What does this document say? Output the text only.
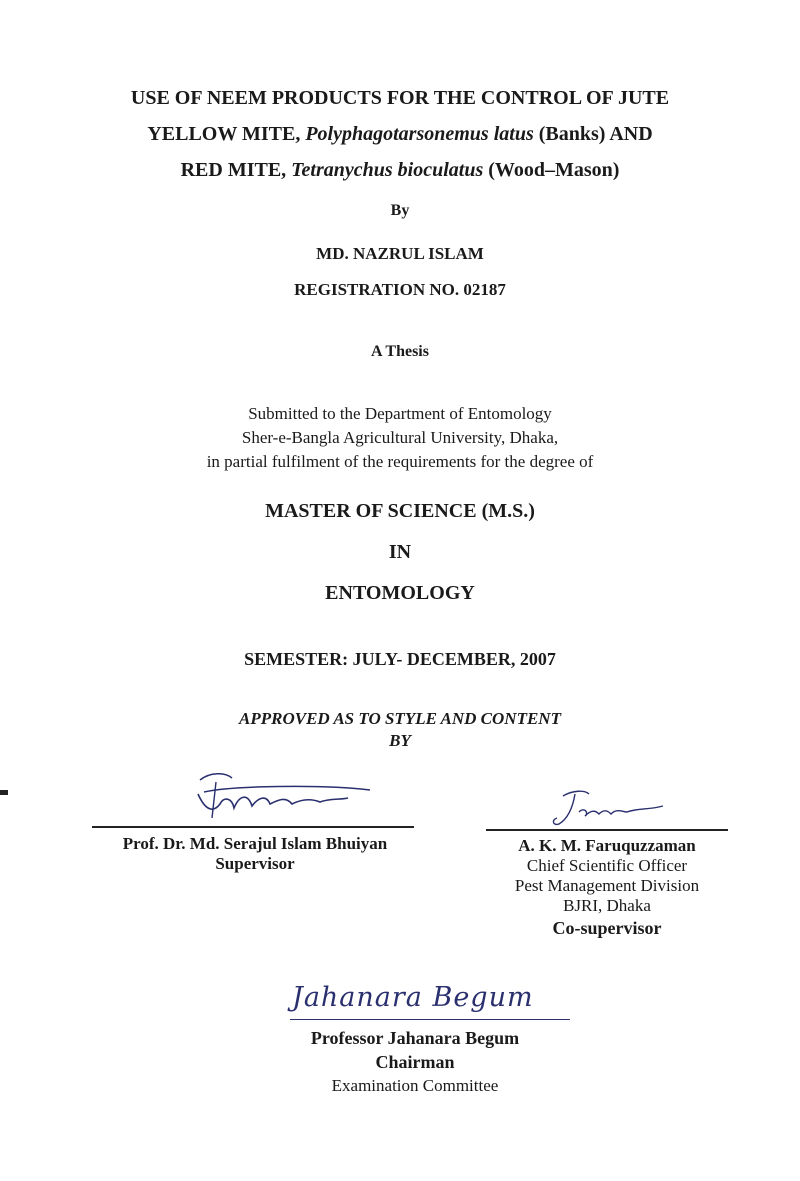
USE OF NEEM PRODUCTS FOR THE CONTROL OF JUTE
YELLOW MITE, Polyphagotarsonemus latus (Banks) AND
RED MITE, Tetranychus bioculatus (Wood–Mason)
By
MD. NAZRUL ISLAM
REGISTRATION NO. 02187
A Thesis
Submitted to the Department of Entomology
Sher-e-Bangla Agricultural University, Dhaka,
in partial fulfilment of the requirements for the degree of
MASTER OF SCIENCE (M.S.)
IN
ENTOMOLOGY
SEMESTER: JULY- DECEMBER, 2007
APPROVED AS TO STYLE AND CONTENT
BY
Prof. Dr. Md. Serajul Islam Bhuiyan
Supervisor
A. K. M. Faruquzzaman
Chief Scientific Officer
Pest Management Division
BJRI, Dhaka
Co-supervisor
Jahanara Begum
Professor Jahanara Begum
Chairman
Examination Committee
